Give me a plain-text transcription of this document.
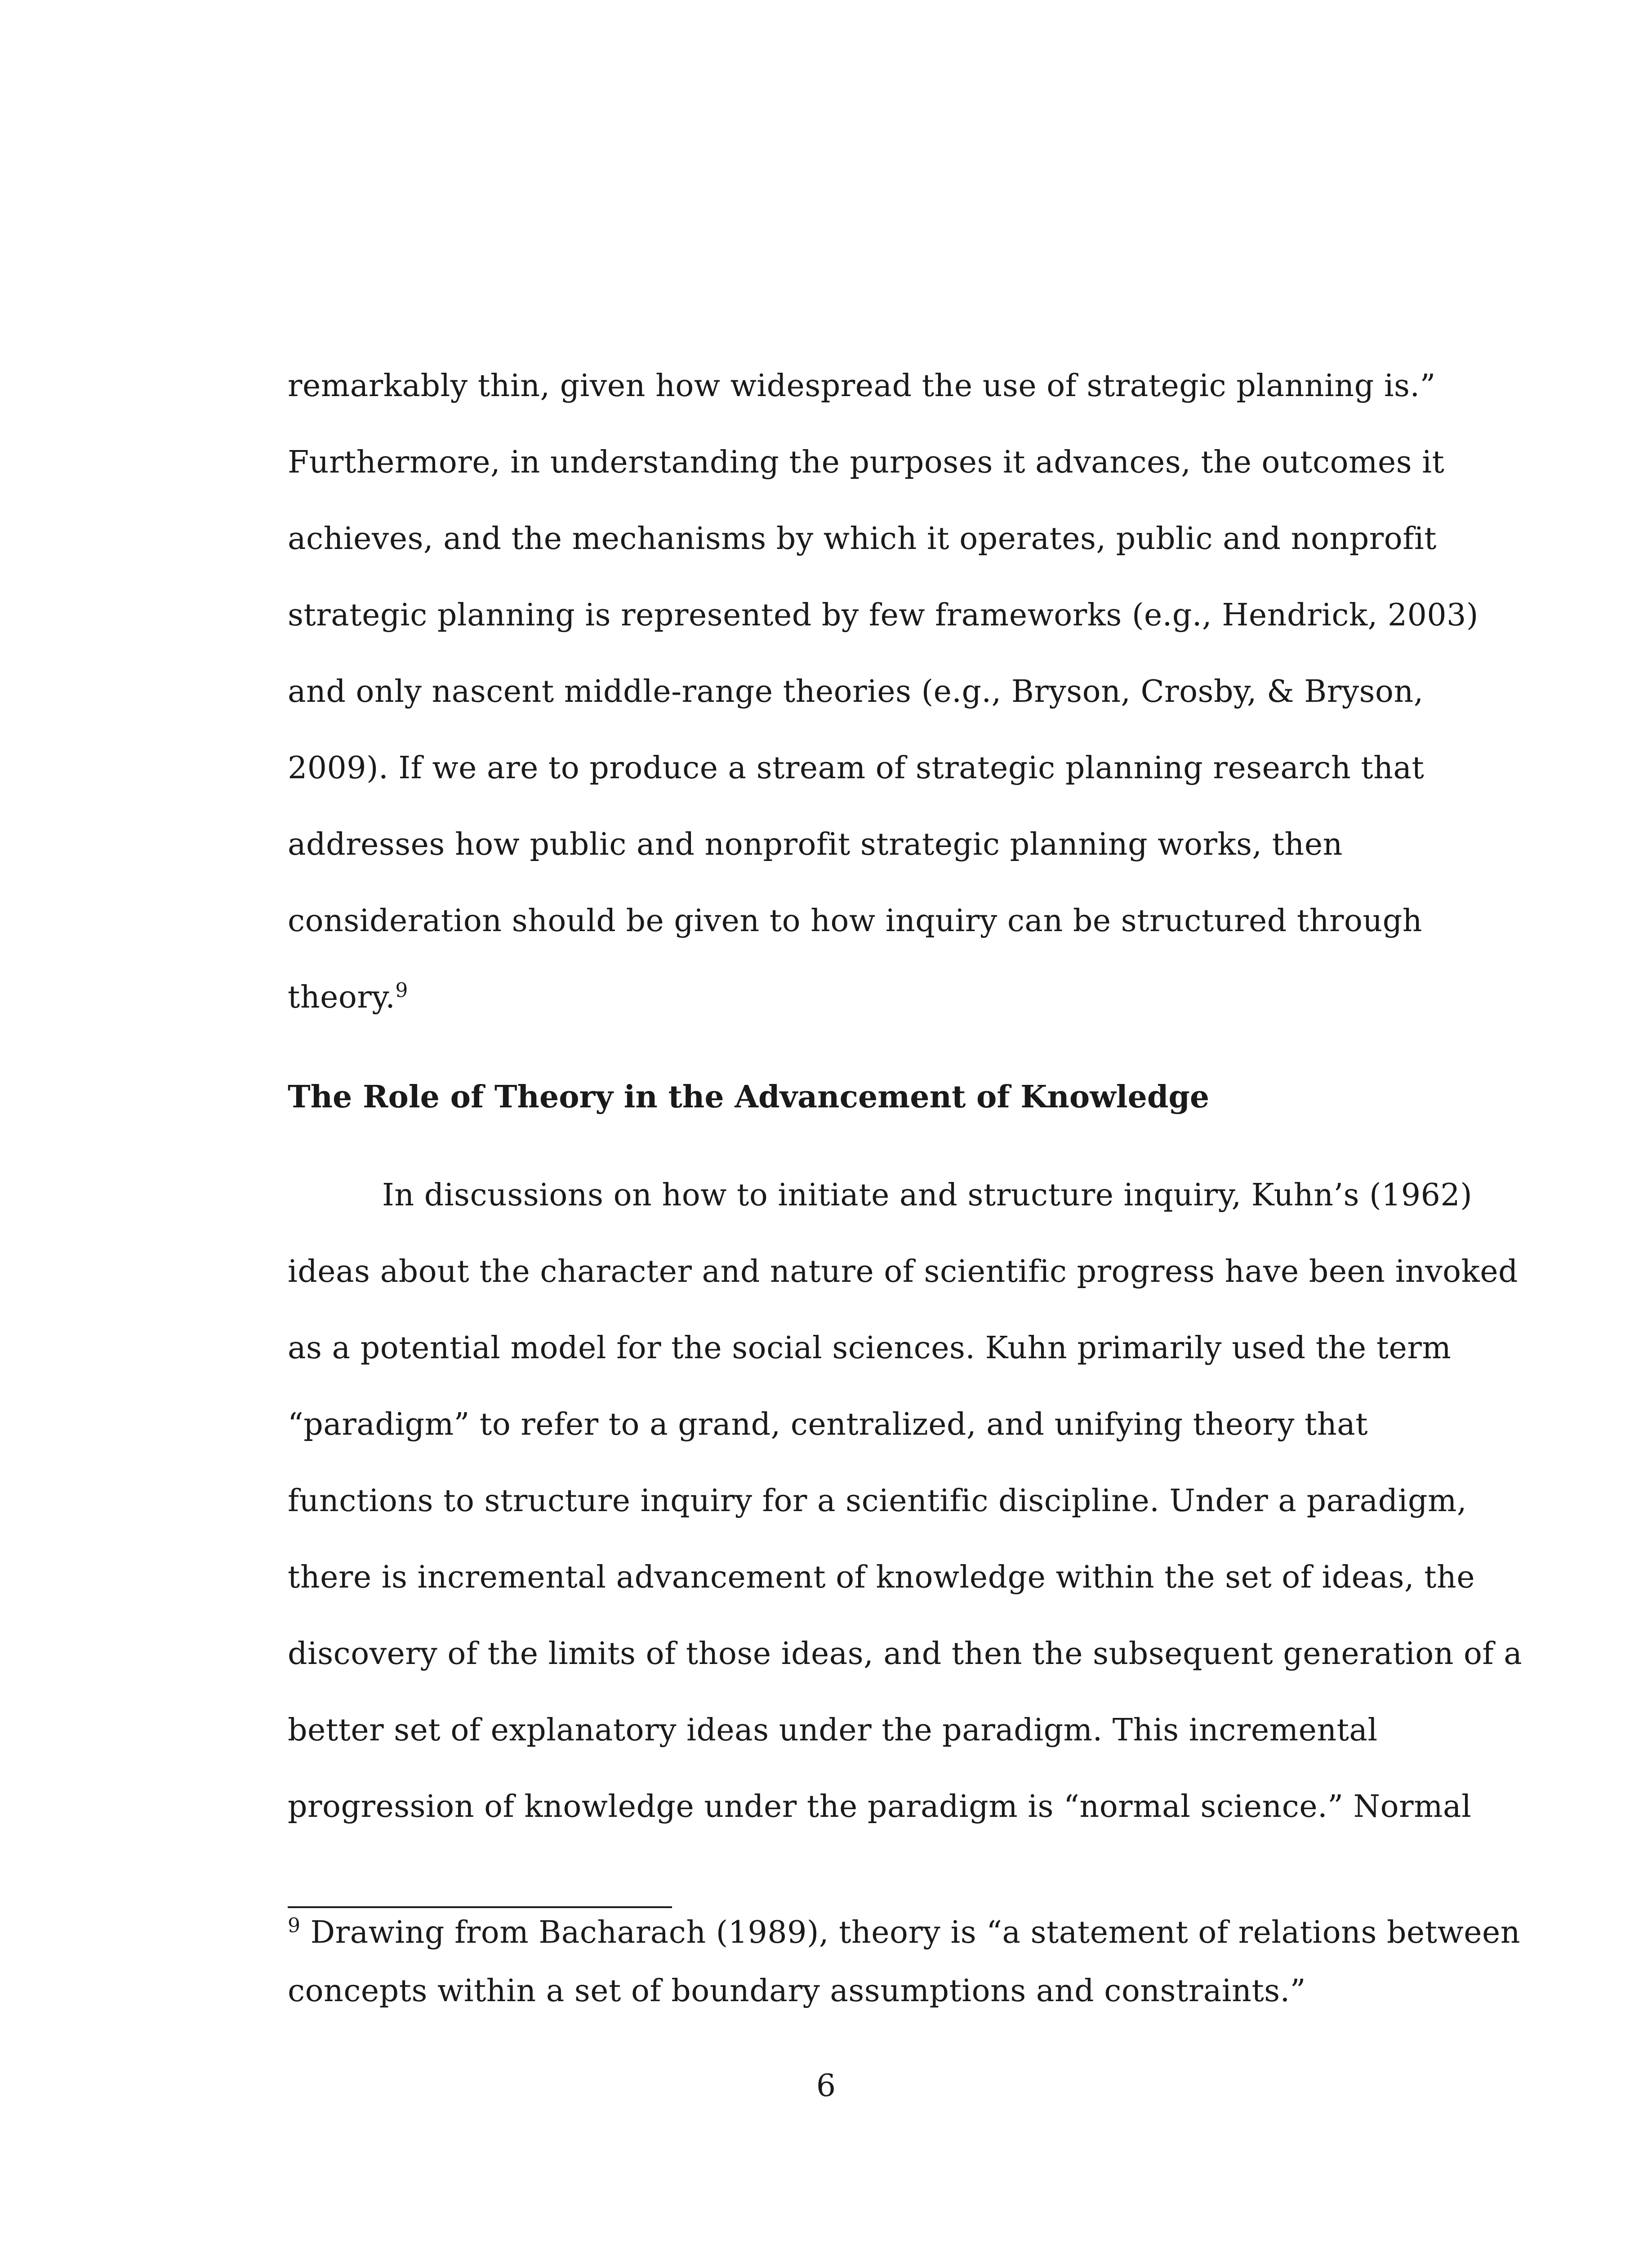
remarkably thin, given how widespread the use of strategic planning is.”
Furthermore, in understanding the purposes it advances, the outcomes it
achieves, and the mechanisms by which it operates, public and nonprofit
strategic planning is represented by few frameworks (e.g., Hendrick, 2003)
and only nascent middle-range theories (e.g., Bryson, Crosby, & Bryson,
2009). If we are to produce a stream of strategic planning research that
addresses how public and nonprofit strategic planning works, then
consideration should be given to how inquiry can be structured through
theory.$^9$
The Role of Theory in the Advancement of Knowledge
In discussions on how to initiate and structure inquiry, Kuhn’s (1962)
ideas about the character and nature of scientific progress have been invoked
as a potential model for the social sciences. Kuhn primarily used the term
“paradigm” to refer to a grand, centralized, and unifying theory that
functions to structure inquiry for a scientific discipline. Under a paradigm,
there is incremental advancement of knowledge within the set of ideas, the
discovery of the limits of those ideas, and then the subsequent generation of a
better set of explanatory ideas under the paradigm. This incremental
progression of knowledge under the paradigm is “normal science.” Normal
$^9$ Drawing from Bacharach (1989), theory is “a statement of relations between
concepts within a set of boundary assumptions and constraints.”
6
